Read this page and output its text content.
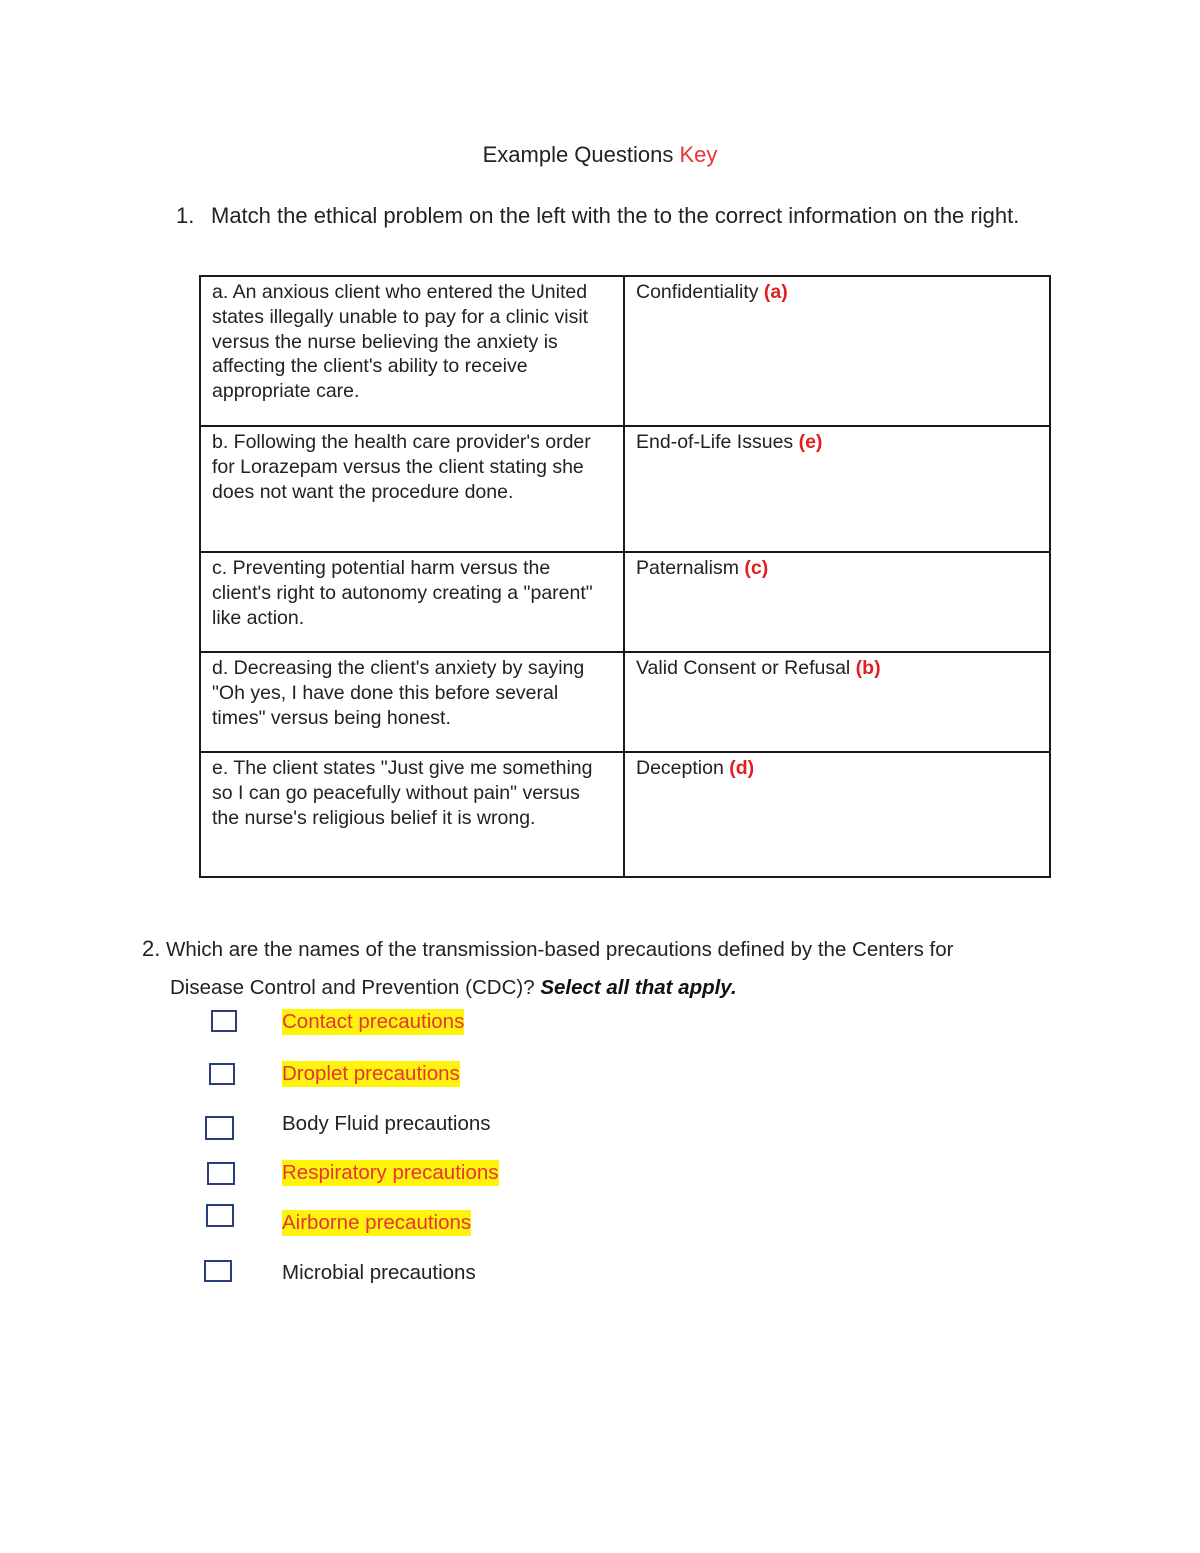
Example Questions Key
1. Match the ethical problem on the left with the to the correct information on the right.
a. An anxious client who entered the United states illegally unable to pay for a clinic visit versus the nurse believing the anxiety is affecting the client's ability to receive appropriate care.	Confidentiality (a)
b. Following the health care provider's order for Lorazepam versus the client stating she does not want the procedure done.	End-of-Life Issues (e)
c. Preventing potential harm versus the client's right to autonomy creating a "parent" like action.	Paternalism (c)
d. Decreasing the client's anxiety by saying "Oh yes, I have done this before several times" versus being honest.	Valid Consent or Refusal (b)
e. The client states "Just give me something so I can go peacefully without pain" versus the nurse's religious belief it is wrong.	Deception (d)
2. Which are the names of the transmission-based precautions defined by the Centers for
Disease Control and Prevention (CDC)? Select all that apply.
Contact precautions
Droplet precautions
Body Fluid precautions
Respiratory precautions
Airborne precautions
Microbial precautions
